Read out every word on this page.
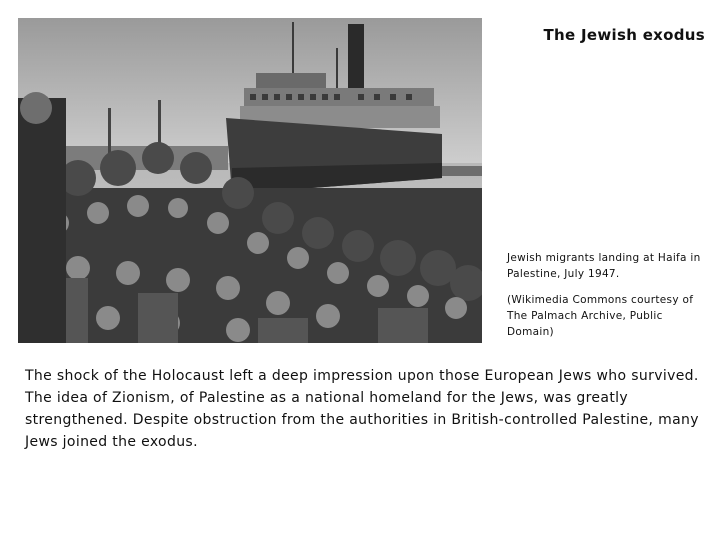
The Jewish exodus

Jewish migrants landing at Haifa in Palestine, July 1947.

(Wikimedia Commons courtesy of The Palmach Archive, Public Domain)

The shock of the Holocaust left a deep impression upon those European Jews who survived. The idea of Zionism, of Palestine as a national homeland for the Jews, was greatly strengthened. Despite obstruction from the authorities in British-controlled Palestine, many Jews joined the exodus.
